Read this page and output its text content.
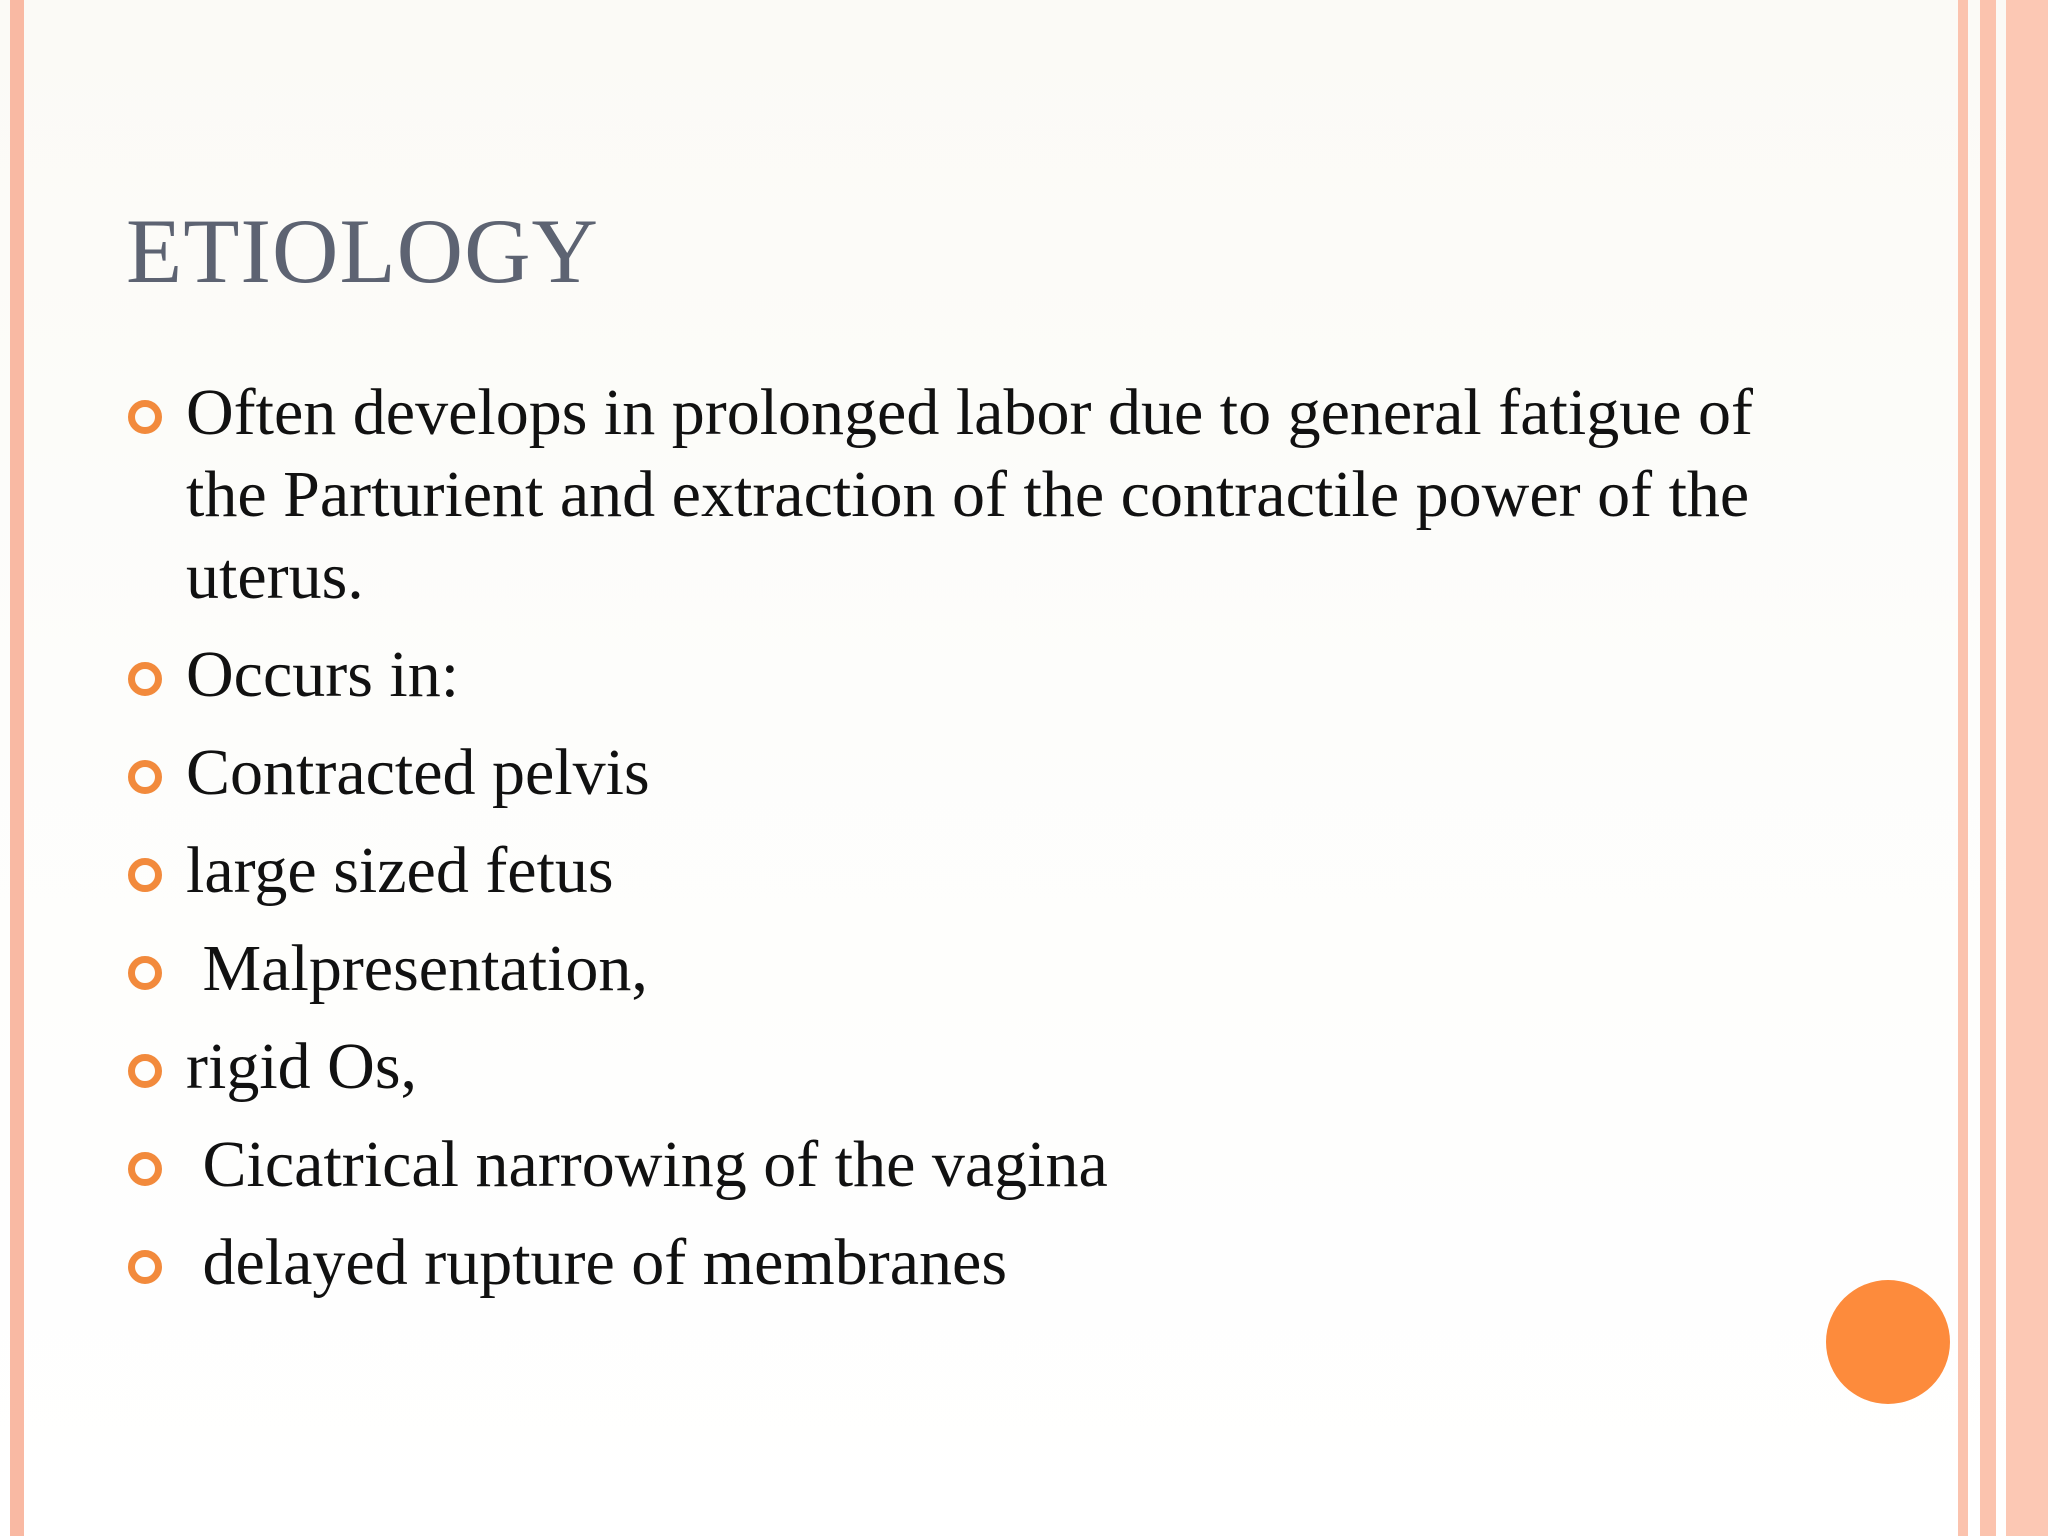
ETIOLOGY
Often develops in prolonged labor due to general fatigue of the Parturient and extraction of the contractile power of the uterus.
Occurs in:
Contracted pelvis
large sized fetus
Malpresentation,
rigid Os,
Cicatrical narrowing of the vagina
delayed rupture of membranes
